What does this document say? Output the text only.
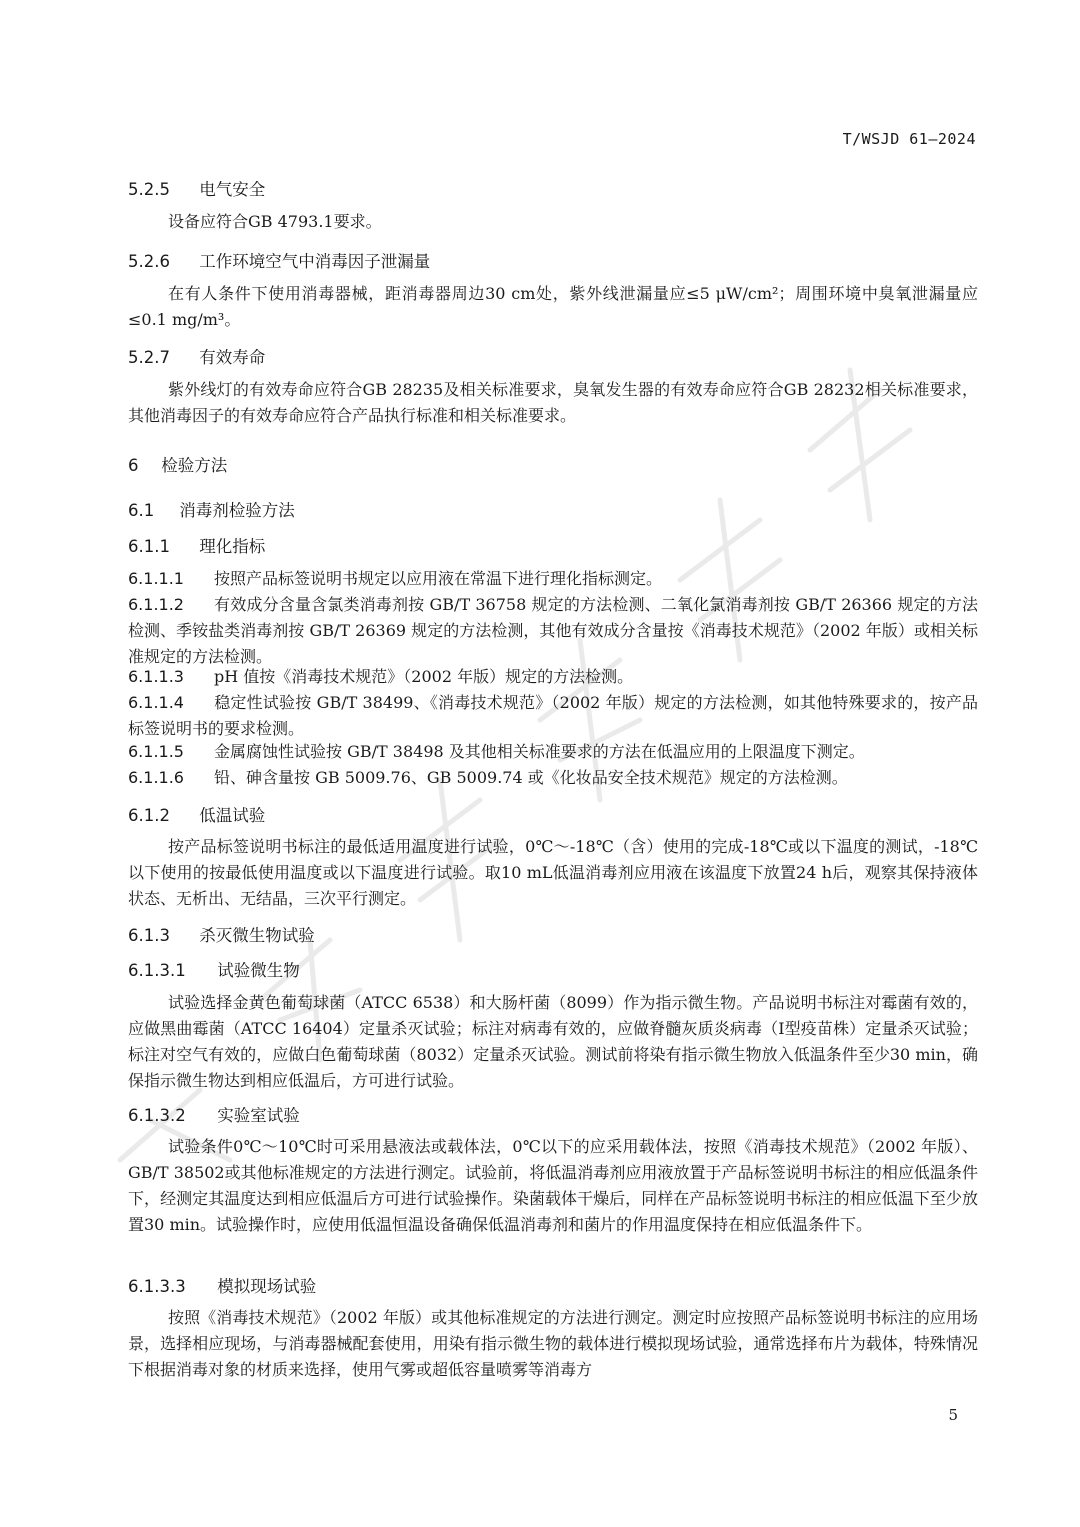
T/WSJD 61—2024
5.2.5 电气安全
设备应符合GB 4793.1要求。
5.2.6 工作环境空气中消毒因子泄漏量
在有人条件下使用消毒器械，距消毒器周边30 cm处，紫外线泄漏量应≤5 μW/cm²；周围环境中臭氧泄漏量应≤0.1 mg/m³。
5.2.7 有效寿命
紫外线灯的有效寿命应符合GB 28235及相关标准要求，臭氧发生器的有效寿命应符合GB 28232相关标准要求，其他消毒因子的有效寿命应符合产品执行标准和相关标准要求。
6 检验方法
6.1 消毒剂检验方法
6.1.1 理化指标
6.1.1.1 按照产品标签说明书规定以应用液在常温下进行理化指标测定。
6.1.1.2 有效成分含量含氯类消毒剂按 GB/T 36758 规定的方法检测、二氧化氯消毒剂按 GB/T 26366 规定的方法检测、季铵盐类消毒剂按 GB/T 26369 规定的方法检测，其他有效成分含量按《消毒技术规范》（2002 年版）或相关标准规定的方法检测。
6.1.1.3 pH 值按《消毒技术规范》（2002 年版）规定的方法检测。
6.1.1.4 稳定性试验按 GB/T 38499、《消毒技术规范》（2002 年版）规定的方法检测，如其他特殊要求的，按产品标签说明书的要求检测。
6.1.1.5 金属腐蚀性试验按 GB/T 38498 及其他相关标准要求的方法在低温应用的上限温度下测定。
6.1.1.6 铅、砷含量按 GB 5009.76、GB 5009.74 或《化妆品安全技术规范》规定的方法检测。
6.1.2 低温试验
按产品标签说明书标注的最低适用温度进行试验，0℃～-18℃（含）使用的完成-18℃或以下温度的测试，-18℃以下使用的按最低使用温度或以下温度进行试验。取10 mL低温消毒剂应用液在该温度下放置24 h后，观察其保持液体状态、无析出、无结晶，三次平行测定。
6.1.3 杀灭微生物试验
6.1.3.1 试验微生物
试验选择金黄色葡萄球菌（ATCC 6538）和大肠杆菌（8099）作为指示微生物。产品说明书标注对霉菌有效的，应做黑曲霉菌（ATCC 16404）定量杀灭试验；标注对病毒有效的，应做脊髓灰质炎病毒（Ⅰ型疫苗株）定量杀灭试验；标注对空气有效的，应做白色葡萄球菌（8032）定量杀灭试验。测试前将染有指示微生物放入低温条件至少30 min，确保指示微生物达到相应低温后，方可进行试验。
6.1.3.2 实验室试验
试验条件0℃～10℃时可采用悬液法或载体法，0℃以下的应采用载体法，按照《消毒技术规范》（2002 年版）、GB/T 38502或其他标准规定的方法进行测定。试验前，将低温消毒剂应用液放置于产品标签说明书标注的相应低温条件下，经测定其温度达到相应低温后方可进行试验操作。染菌载体干燥后，同样在产品标签说明书标注的相应低温下至少放置30 min。试验操作时，应使用低温恒温设备确保低温消毒剂和菌片的作用温度保持在相应低温条件下。
6.1.3.3 模拟现场试验
按照《消毒技术规范》（2002 年版）或其他标准规定的方法进行测定。测定时应按照产品标签说明书标注的应用场景，选择相应现场，与消毒器械配套使用，用染有指示微生物的载体进行模拟现场试验，通常选择布片为载体，特殊情况下根据消毒对象的材质来选择，使用气雾或超低容量喷雾等消毒方
5
